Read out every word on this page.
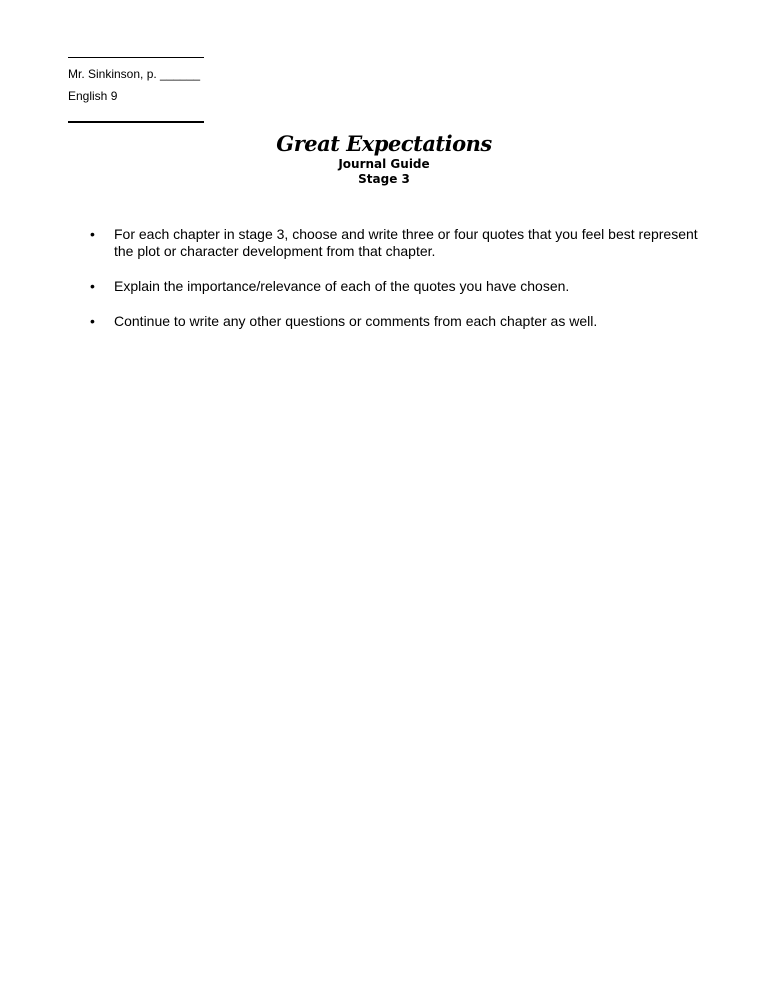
Mr. Sinkinson, p. ______
English 9
Great Expectations
Journal Guide
Stage 3
• For each chapter in stage 3, choose and write three or four quotes that you feel best represent the plot or character development from that chapter.
• Explain the importance/relevance of each of the quotes you have chosen.
• Continue to write any other questions or comments from each chapter as well.
